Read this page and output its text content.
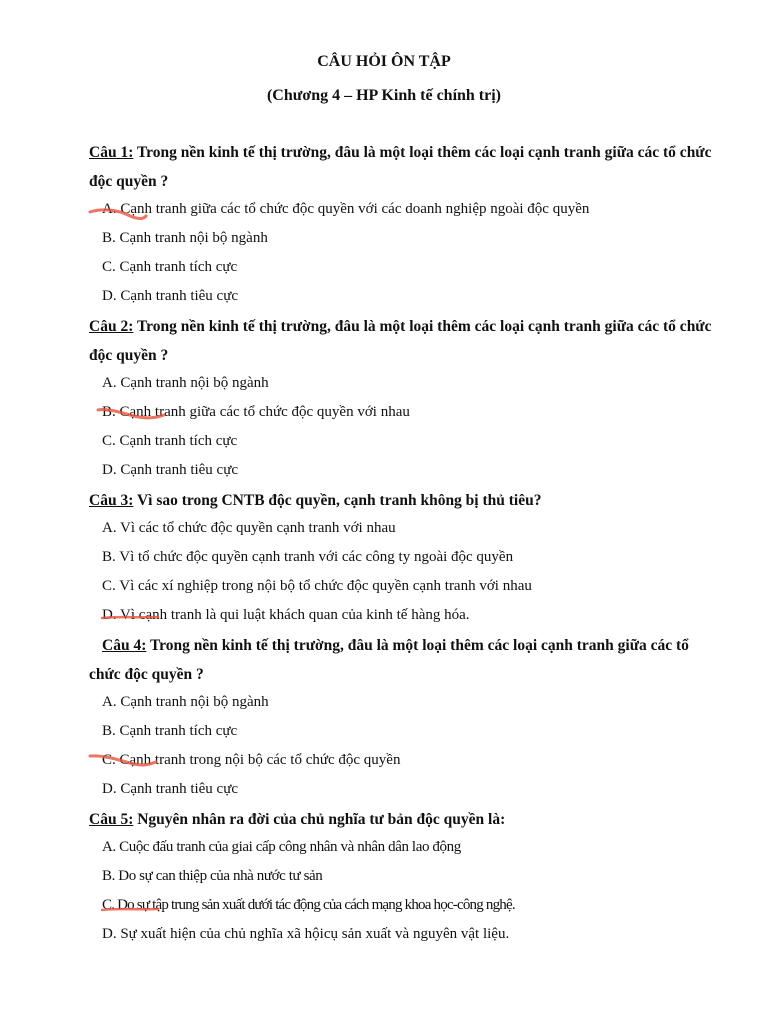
CÂU HỎI ÔN TẬP
(Chương 4 – HP Kinh tế chính trị)
Câu 1: Trong nền kinh tế thị trường, đâu là một loại thêm các loại cạnh tranh giữa các tổ chức độc quyền ?
A. Cạnh tranh giữa các tổ chức độc quyền với các doanh nghiệp ngoài độc quyền
B. Cạnh tranh nội bộ ngành
C. Cạnh tranh tích cực
D. Cạnh tranh tiêu cực
Câu 2: Trong nền kinh tế thị trường, đâu là một loại thêm các loại cạnh tranh giữa các tổ chức độc quyền ?
A. Cạnh tranh nội bộ ngành
B. Cạnh tranh giữa các tổ chức độc quyền với nhau
C. Cạnh tranh tích cực
D. Cạnh tranh tiêu cực
Câu 3: Vì sao trong CNTB độc quyền, cạnh tranh không bị thủ tiêu?
A. Vì các tổ chức độc quyền cạnh tranh với nhau
B. Vì tổ chức độc quyền cạnh tranh với các công ty ngoài độc quyền
C. Vì các xí nghiệp trong nội bộ tổ chức độc quyền cạnh tranh với nhau
D. Vì cạnh tranh là qui luật khách quan của kinh tế hàng hóa.
Câu 4: Trong nền kinh tế thị trường, đâu là một loại thêm các loại cạnh tranh giữa các tổ chức độc quyền ?
A. Cạnh tranh nội bộ ngành
B. Cạnh tranh tích cực
C. Cạnh tranh trong nội bộ các tổ chức độc quyền
D. Cạnh tranh tiêu cực
Câu 5: Nguyên nhân ra đời của chủ nghĩa tư bản độc quyền là:
A. Cuộc đấu tranh của giai cấp công nhân và nhân dân lao động
B. Do sự can thiệp của nhà nước tư sản
C. Do sự tập trung sản xuất dưới tác động của cách mạng khoa học-công nghệ.
D. Sự xuất hiện của chủ nghĩa xã hộicụ sản xuất và nguyên vật liệu.
